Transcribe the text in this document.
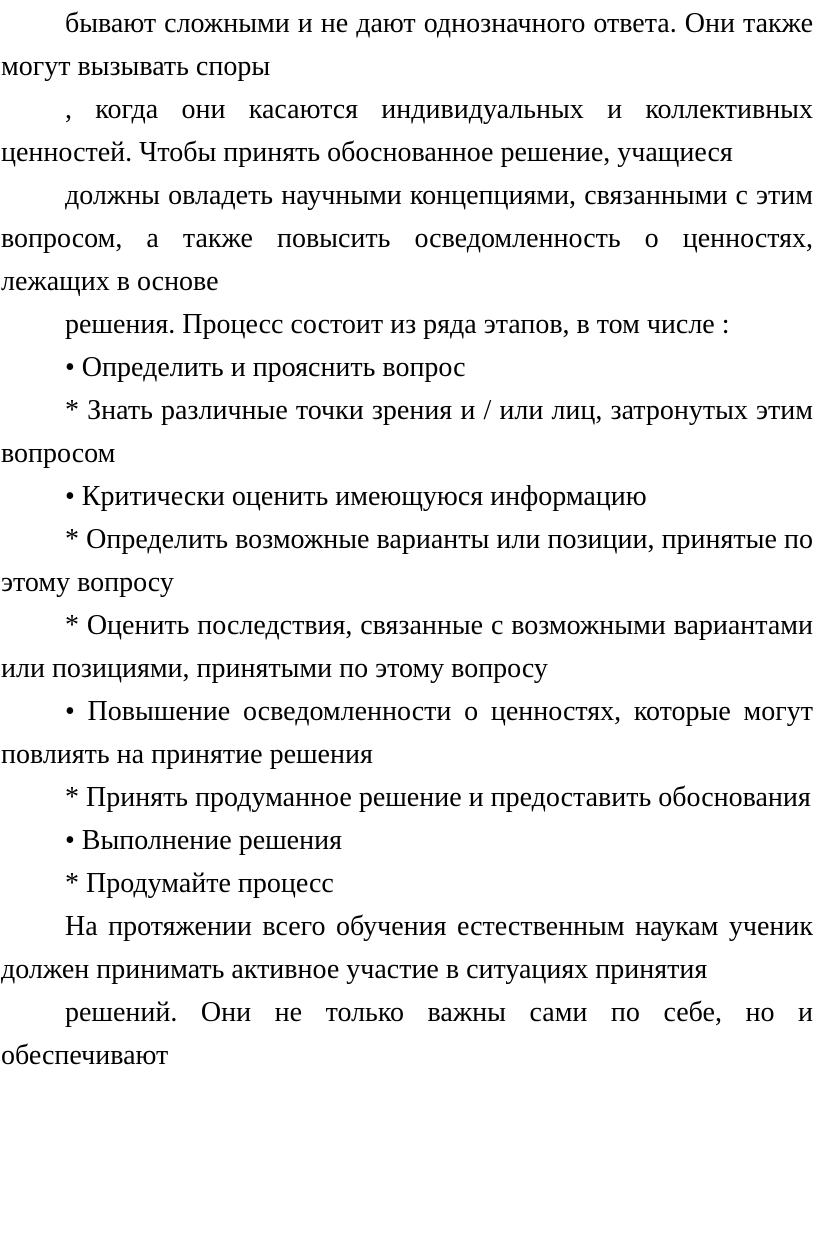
бывают сложными и не дают однозначного ответа. Они также могут вызывать споры

, когда они касаются индивидуальных и коллективных ценностей. Чтобы принять обоснованное решение, учащиеся

должны овладеть научными концепциями, связанными с этим вопросом, а также повысить осведомленность о ценностях, лежащих в основе

решения. Процесс состоит из ряда этапов, в том числе :

• Определить и прояснить вопрос

* Знать различные точки зрения и / или лиц, затронутых этим вопросом

• Критически оценить имеющуюся информацию

* Определить возможные варианты или позиции, принятые по этому вопросу

* Оценить последствия, связанные с возможными вариантами или позициями, принятыми по этому вопросу

• Повышение осведомленности о ценностях, которые могут повлиять на принятие решения

* Принять продуманное решение и предоставить обоснования

• Выполнение решения

* Продумайте процесс

На протяжении всего обучения естественным наукам ученик должен принимать активное участие в ситуациях принятия

решений. Они не только важны сами по себе, но и обеспечивают
